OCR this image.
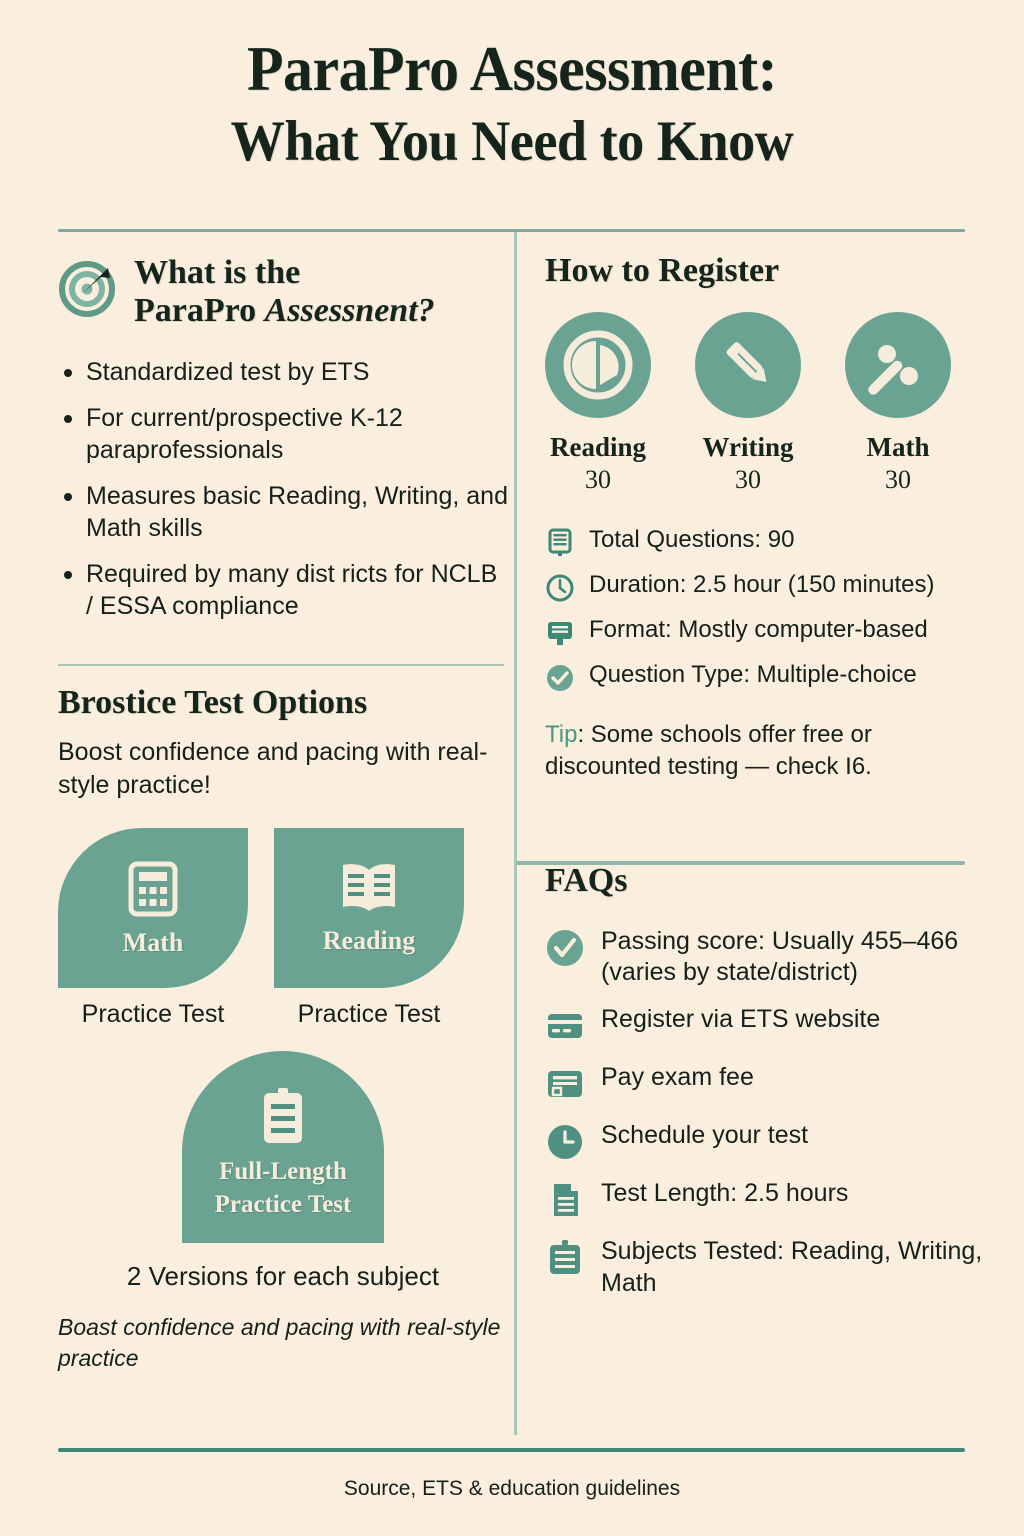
ParaPro Assessment:
What You Need to Know
What is the
ParaPro Assessnent?
Standardized test by ETS
For current/prospective K-12 paraprofessionals
Measures basic Reading, Writing, and Math skills
Required by many dist ricts for NCLB / ESSA compliance
Brostice Test Options
Boost confidence and pacing with real-style practice!
Math
Practice Test
Reading
Practice Test
Full-Length
Practice Test
2 Versions for each subject
Boast confidence and pacing with real-style practice
How to Register
Reading
30
Writing
30
Math
30
Total Questions: 90
Duration: 2.5 hour (150 minutes)
Format: Mostly computer-based
Question Type: Multiple-choice
Tip: Some schools offer free or discounted testing — check I6.
FAQs
Passing score: Usually 455–466 (varies by state/district)
Register via ETS website
Pay exam fee
Schedule your test
Test Length: 2.5 hours
Subjects Tested: Reading, Writing, Math
Source, ETS & education guidelines
